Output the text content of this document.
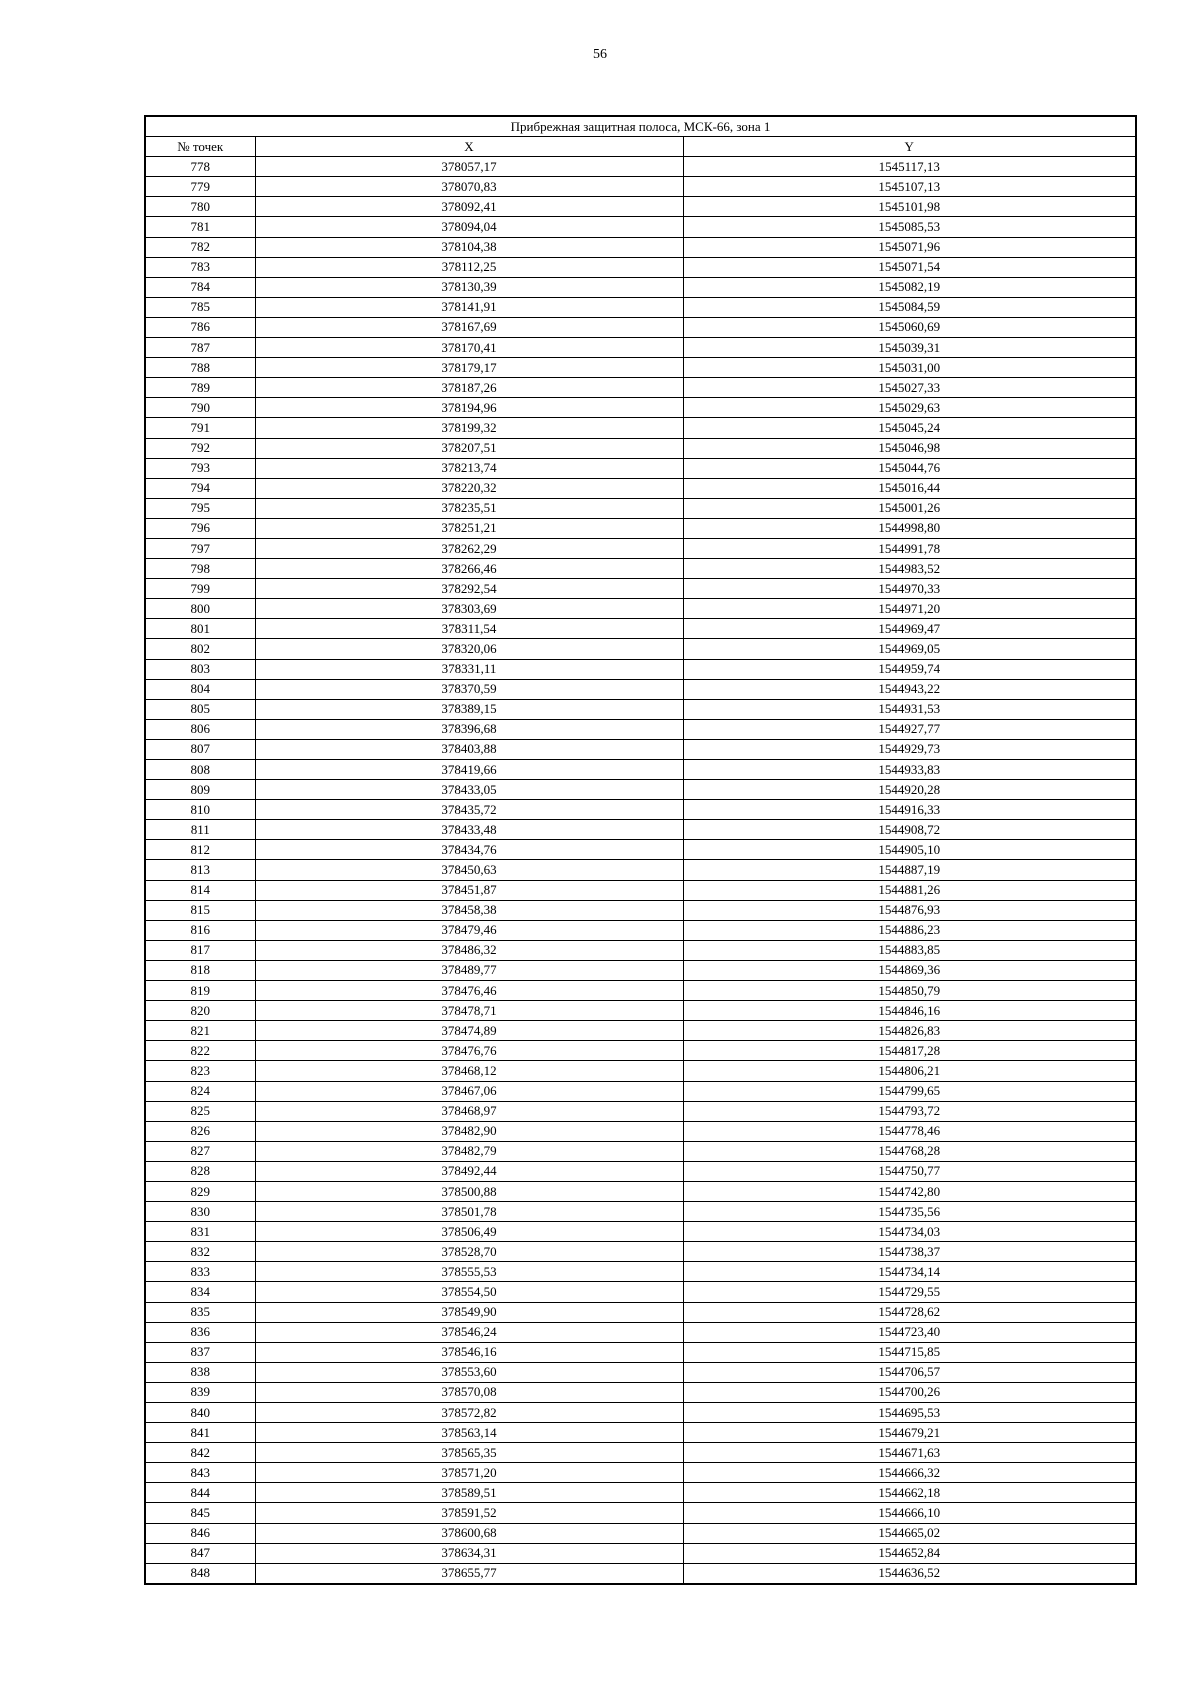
56
Прибрежная защитная полоса, МСК-66, зона 1		
№ точек	X	Y
778	378057,17	1545117,13
779	378070,83	1545107,13
780	378092,41	1545101,98
781	378094,04	1545085,53
782	378104,38	1545071,96
783	378112,25	1545071,54
784	378130,39	1545082,19
785	378141,91	1545084,59
786	378167,69	1545060,69
787	378170,41	1545039,31
788	378179,17	1545031,00
789	378187,26	1545027,33
790	378194,96	1545029,63
791	378199,32	1545045,24
792	378207,51	1545046,98
793	378213,74	1545044,76
794	378220,32	1545016,44
795	378235,51	1545001,26
796	378251,21	1544998,80
797	378262,29	1544991,78
798	378266,46	1544983,52
799	378292,54	1544970,33
800	378303,69	1544971,20
801	378311,54	1544969,47
802	378320,06	1544969,05
803	378331,11	1544959,74
804	378370,59	1544943,22
805	378389,15	1544931,53
806	378396,68	1544927,77
807	378403,88	1544929,73
808	378419,66	1544933,83
809	378433,05	1544920,28
810	378435,72	1544916,33
811	378433,48	1544908,72
812	378434,76	1544905,10
813	378450,63	1544887,19
814	378451,87	1544881,26
815	378458,38	1544876,93
816	378479,46	1544886,23
817	378486,32	1544883,85
818	378489,77	1544869,36
819	378476,46	1544850,79
820	378478,71	1544846,16
821	378474,89	1544826,83
822	378476,76	1544817,28
823	378468,12	1544806,21
824	378467,06	1544799,65
825	378468,97	1544793,72
826	378482,90	1544778,46
827	378482,79	1544768,28
828	378492,44	1544750,77
829	378500,88	1544742,80
830	378501,78	1544735,56
831	378506,49	1544734,03
832	378528,70	1544738,37
833	378555,53	1544734,14
834	378554,50	1544729,55
835	378549,90	1544728,62
836	378546,24	1544723,40
837	378546,16	1544715,85
838	378553,60	1544706,57
839	378570,08	1544700,26
840	378572,82	1544695,53
841	378563,14	1544679,21
842	378565,35	1544671,63
843	378571,20	1544666,32
844	378589,51	1544662,18
845	378591,52	1544666,10
846	378600,68	1544665,02
847	378634,31	1544652,84
848	378655,77	1544636,52
